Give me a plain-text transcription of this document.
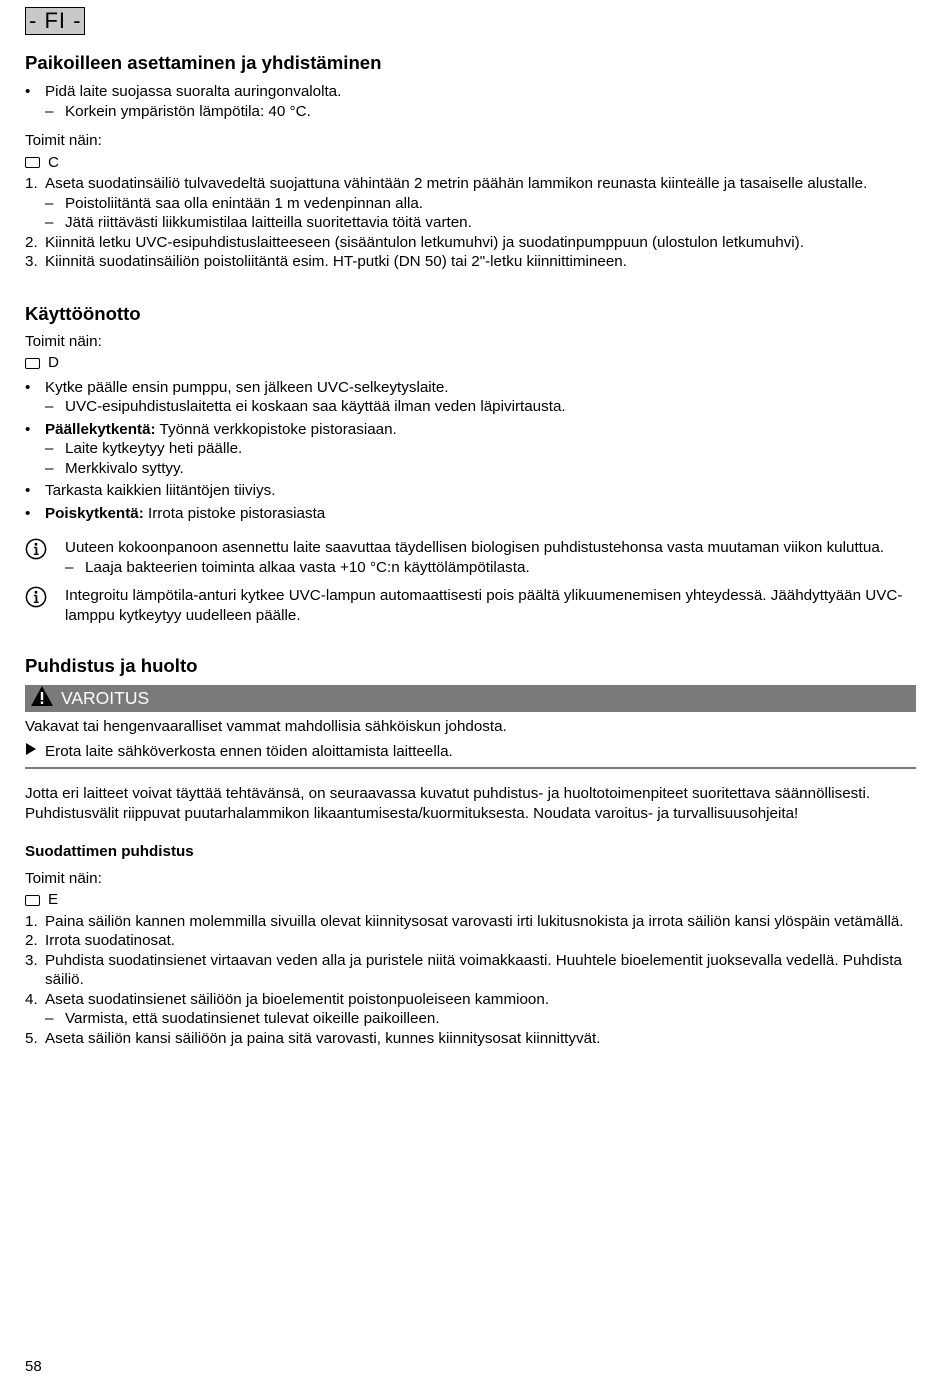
- FI -
Paikoilleen asettaminen ja yhdistäminen
• Pidä laite suojassa suoralta auringonvalolta.
– Korkein ympäristön lämpötila: 40 °C.

Toimit näin:

C
1. Aseta suodatinsäiliö tulvavedeltä suojattuna vähintään 2 metrin päähän lammikon reunasta kiinteälle ja tasaiselle alustalle.
– Poistoliitäntä saa olla enintään 1 m vedenpinnan alla.
– Jätä riittävästi liikkumistilaa laitteilla suoritettavia töitä varten.
2. Kiinnitä letku UVC-esipuhdistuslaitteeseen (sisääntulon letkumuhvi) ja suodatinpumppuun (ulostulon letkumuhvi).
3. Kiinnitä suodatinsäiliön poistoliitäntä esim. HT-putki (DN 50) tai 2"-letku kiinnittimineen.
Käyttöönotto

Toimit näin:

D
• Kytke päälle ensin pumppu, sen jälkeen UVC-selkeytyslaite.
– UVC-esipuhdistuslaitetta ei koskaan saa käyttää ilman veden läpivirtausta.
• Päällekytkentä: Työnnä verkkopistoke pistorasiaan.
– Laite kytkeytyy heti päälle.
– Merkkivalo syttyy.
• Tarkasta kaikkien liitäntöjen tiiviys.
• Poiskytkentä: Irrota pistoke pistorasiasta

Uuteen kokoonpanoon asennettu laite saavuttaa täydellisen biologisen puhdistustehonsa vasta muutaman viikon kuluttua.

– Laaja bakteerien toiminta alkaa vasta +10 °C:n käyttölämpötilasta.

Integroitu lämpötila-anturi kytkee UVC-lampun automaattisesti pois päältä ylikuumenemisen yhteydessä. Jäähdyttyään UVC-lamppu kytkeytyy uudelleen päälle.

Puhdistus ja huolto
VAROITUS

Vakavat tai hengenvaaralliset vammat mahdollisia sähköiskun johdosta.

Erota laite sähköverkosta ennen töiden aloittamista laitteella.

Jotta eri laitteet voivat täyttää tehtävänsä, on seuraavassa kuvatut puhdistus- ja huoltotoimenpiteet suoritettava säännöllisesti. Puhdistusvälit riippuvat puutarhalammikon likaantumisesta/kuormituksesta. Noudata varoitus- ja turvallisuusohjeita!

Suodattimen puhdistus

Toimit näin:

E
1. Paina säiliön kannen molemmilla sivuilla olevat kiinnitysosat varovasti irti lukitusnokista ja irrota säiliön kansi ylöspäin vetämällä.
2. Irrota suodatinosat.
3. Puhdista suodatinsienet virtaavan veden alla ja puristele niitä voimakkaasti. Huuhtele bioelementit juoksevalla vedellä. Puhdista säiliö.
4. Aseta suodatinsienet säiliöön ja bioelementit poistonpuoleiseen kammioon.
– Varmista, että suodatinsienet tulevat oikeille paikoilleen.
5. Aseta säiliön kansi säiliöön ja paina sitä varovasti, kunnes kiinnitysosat kiinnittyvät.
58
